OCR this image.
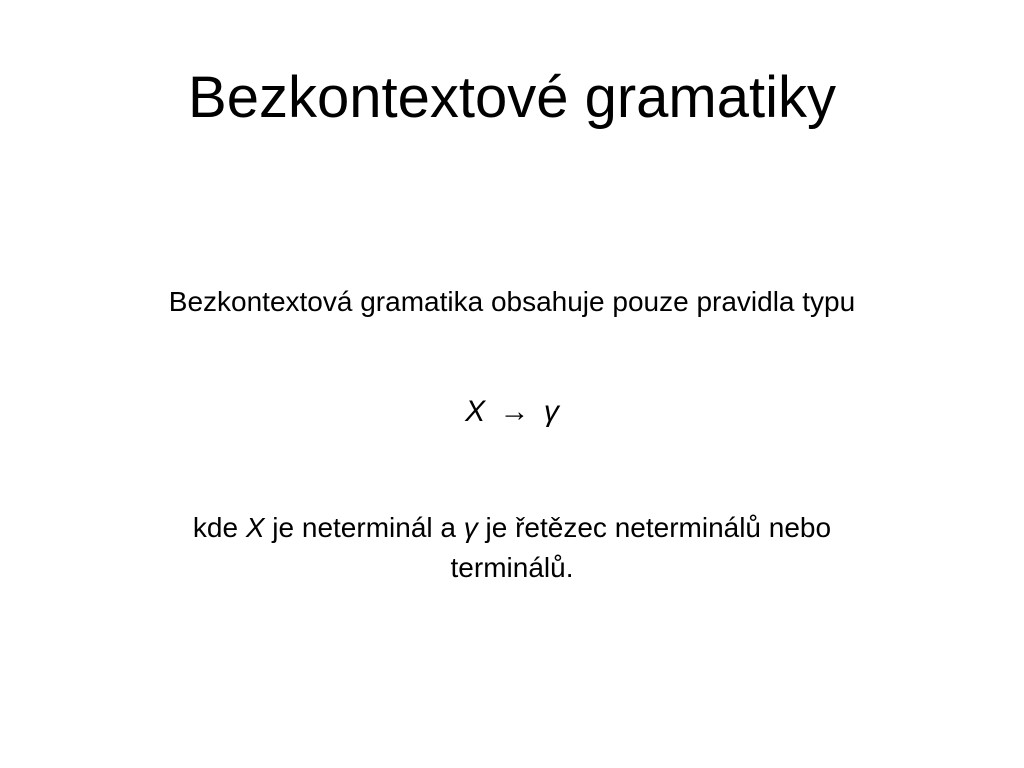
Bezkontextové gramatiky

Bezkontextová gramatika obsahuje pouze pravidla typu

X → γ

kde X je neterminál a γ je řetězec neterminálů nebo
terminálů.
